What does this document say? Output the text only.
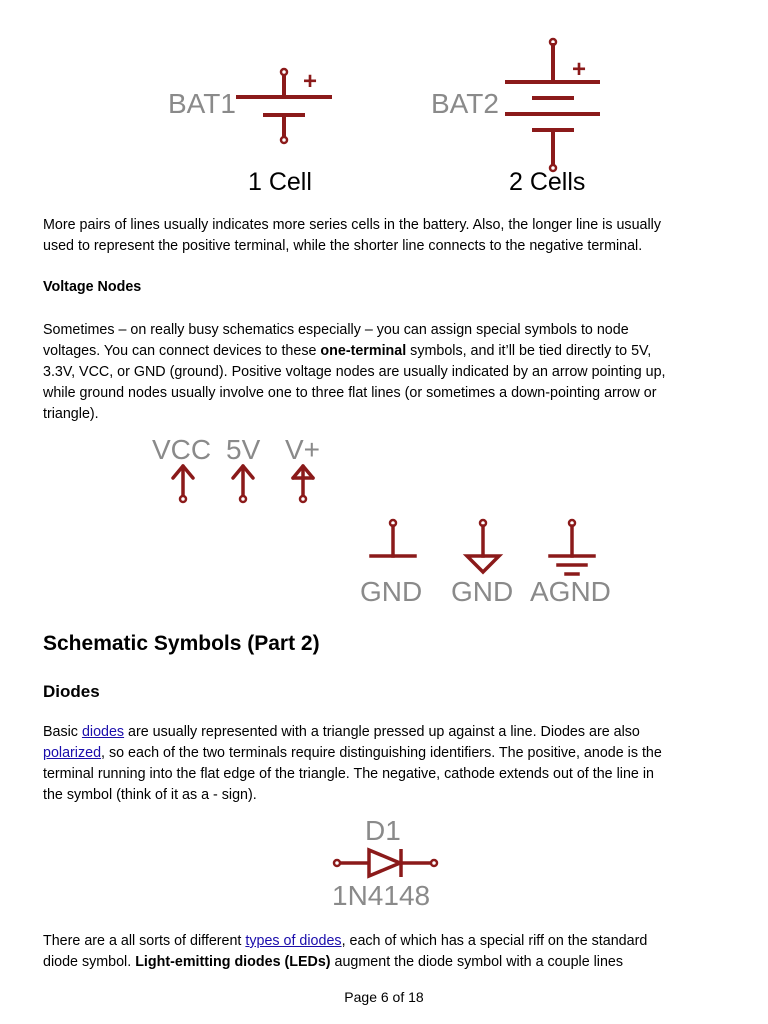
BAT1
+
1 Cell
BAT2
+
2 Cells

More pairs of lines usually indicates more series cells in the battery. Also, the longer line is usually
used to represent the positive terminal, while the shorter line connects to the negative terminal.

Voltage Nodes

Sometimes – on really busy schematics especially – you can assign special symbols to node
voltages. You can connect devices to these one-terminal symbols, and it’ll be tied directly to 5V,
3.3V, VCC, or GND (ground). Positive voltage nodes are usually indicated by an arrow pointing up,
while ground nodes usually involve one to three flat lines (or sometimes a down-pointing arrow or
triangle).

VCC 5V V+
GND GND AGND
Schematic Symbols (Part 2)
Diodes

Basic diodes are usually represented with a triangle pressed up against a line. Diodes are also
polarized, so each of the two terminals require distinguishing identifiers. The positive, anode is the
terminal running into the flat edge of the triangle. The negative, cathode extends out of the line in
the symbol (think of it as a - sign).

D1
1N4148

There are a all sorts of different types of diodes, each of which has a special riff on the standard
diode symbol. Light-emitting diodes (LEDs) augment the diode symbol with a couple lines

Page 6 of 18
